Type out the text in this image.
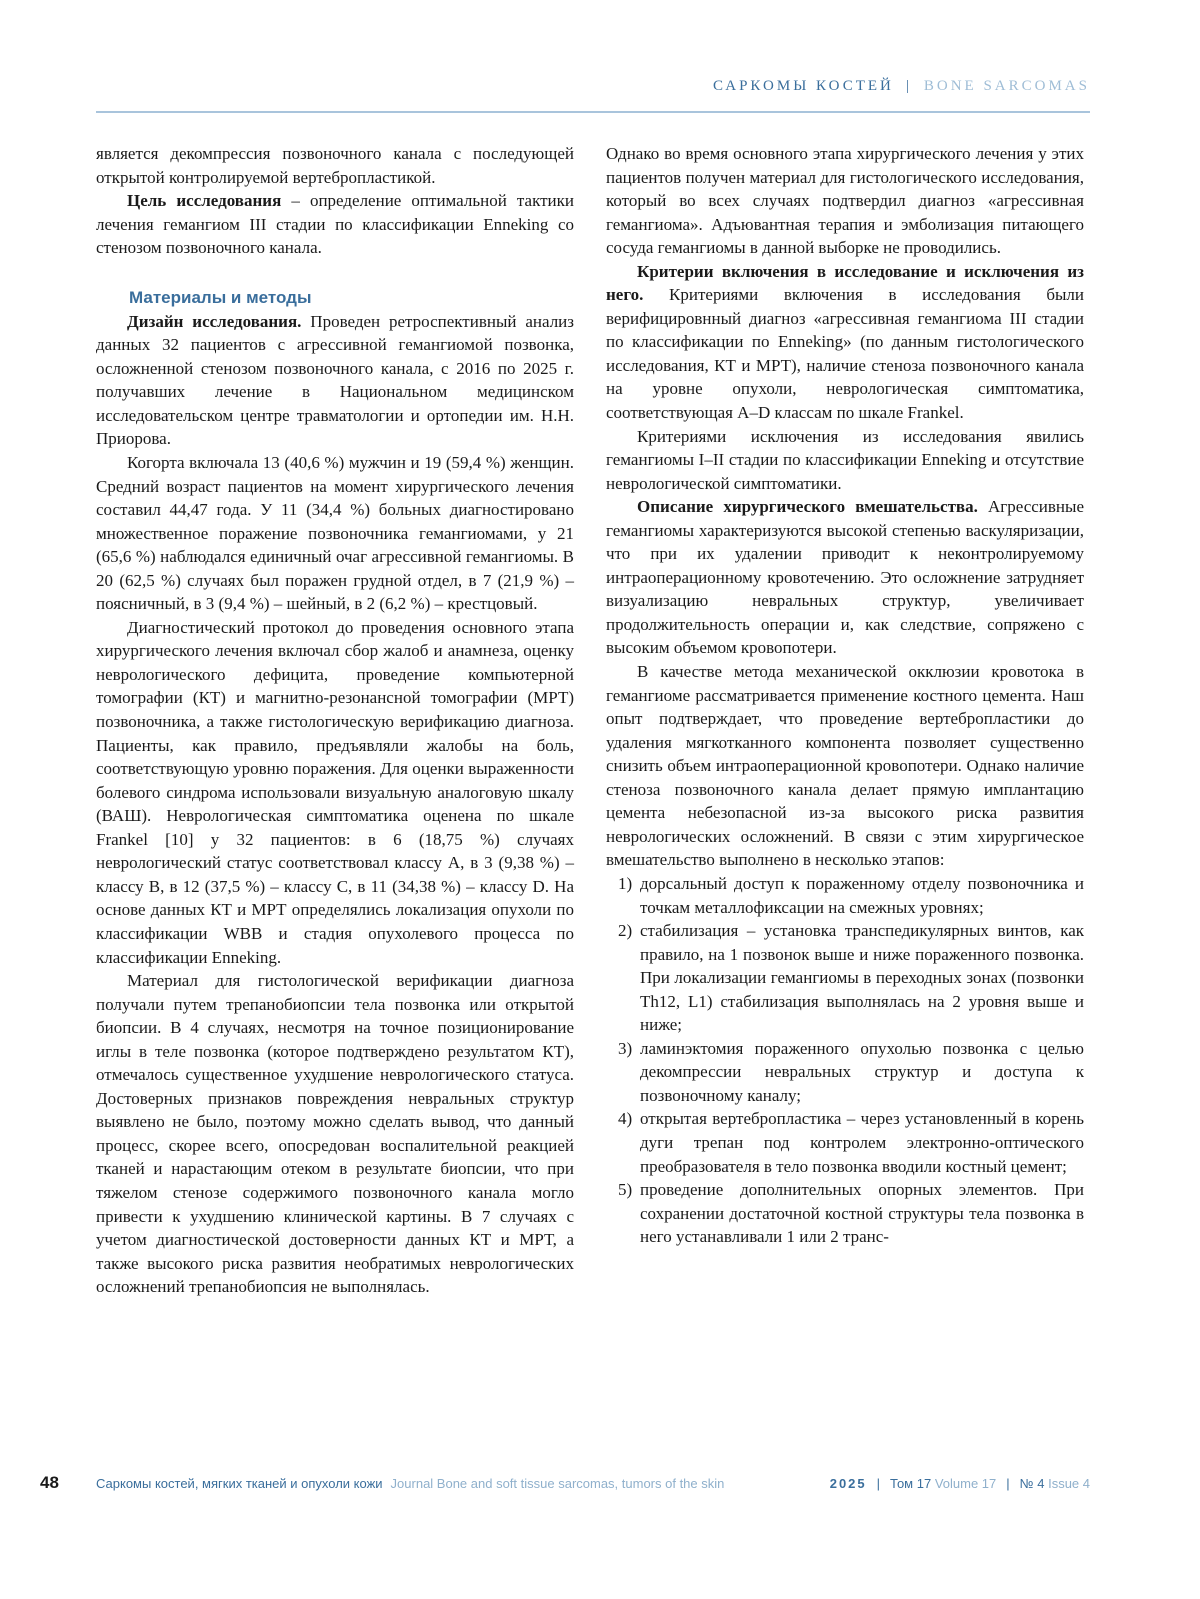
САРКОМЫ КОСТЕЙ | BONE SARCOMAS

является декомпрессия позвоночного канала с последующей открытой контролируемой вертебропластикой.

Цель исследования – определение оптимальной тактики лечения гемангиом III стадии по классификации Enneking со стенозом позвоночного канала.

Материалы и методы

Дизайн исследования. Проведен ретроспективный анализ данных 32 пациентов с агрессивной гемангиомой позвонка, осложненной стенозом позвоночного канала, с 2016 по 2025 г. получавших лечение в Национальном медицинском исследовательском центре травматологии и ортопедии им. Н.Н. Приорова.

Когорта включала 13 (40,6 %) мужчин и 19 (59,4 %) женщин. Средний возраст пациентов на момент хирургического лечения составил 44,47 года. У 11 (34,4 %) больных диагностировано множественное поражение позвоночника гемангиомами, у 21 (65,6 %) наблюдался единичный очаг агрессивной гемангиомы. В 20 (62,5 %) случаях был поражен грудной отдел, в 7 (21,9 %) – поясничный, в 3 (9,4 %) – шейный, в 2 (6,2 %) – крестцовый.

Диагностический протокол до проведения основного этапа хирургического лечения включал сбор жалоб и анамнеза, оценку неврологического дефицита, проведение компьютерной томографии (КТ) и магнитно-резонансной томографии (МРТ) позвоночника, а также гистологическую верификацию диагноза. Пациенты, как правило, предъявляли жалобы на боль, соответствующую уровню поражения. Для оценки выраженности болевого синдрома использовали визуальную аналоговую шкалу (ВАШ). Неврологическая симптоматика оценена по шкале Frankel [10] у 32 пациентов: в 6 (18,75 %) случаях неврологический статус соответствовал классу A, в 3 (9,38 %) – классу B, в 12 (37,5 %) – классу C, в 11 (34,38 %) – классу D. На основе данных КТ и МРТ определялись локализация опухоли по классификации WBB и стадия опухолевого процесса по классификации Enneking.

Материал для гистологической верификации диагноза получали путем трепанобиопсии тела позвонка или открытой биопсии. В 4 случаях, несмотря на точное позиционирование иглы в теле позвонка (которое подтверждено результатом КТ), отмечалось существенное ухудшение неврологического статуса. Достоверных признаков повреждения невральных структур выявлено не было, поэтому можно сделать вывод, что данный процесс, скорее всего, опосредован воспалительной реакцией тканей и нарастающим отеком в результате биопсии, что при тяжелом стенозе содержимого позвоночного канала могло привести к ухудшению клинической картины. В 7 случаях с учетом диагностической достоверности данных КТ и МРТ, а также высокого риска развития необратимых неврологических осложнений трепанобиопсия не выполнялась.

Однако во время основного этапа хирургического лечения у этих пациентов получен материал для гистологического исследования, который во всех случаях подтвердил диагноз «агрессивная гемангиома». Адъювантная терапия и эмболизация питающего сосуда гемангиомы в данной выборке не проводились.

Критерии включения в исследование и исключения из него. Критериями включения в исследования были верифицировнный диагноз «агрессивная гемангиома III стадии по классификации по Enneking» (по данным гистологического исследования, КТ и МРТ), наличие стеноза позвоночного канала на уровне опухоли, неврологическая симптоматика, соответствующая A–D классам по шкале Frankel.

Критериями исключения из исследования явились гемангиомы I–II стадии по классификации Enneking и отсутствие неврологической симптоматики.

Описание хирургического вмешательства. Агрессивные гемангиомы характеризуются высокой степенью васкуляризации, что при их удалении приводит к неконтролируемому интраоперационному кровотечению. Это осложнение затрудняет визуализацию невральных структур, увеличивает продолжительность операции и, как следствие, сопряжено с высоким объемом кровопотери.

В качестве метода механической окклюзии кровотока в гемангиоме рассматривается применение костного цемента. Наш опыт подтверждает, что проведение вертебропластики до удаления мягкотканного компонента позволяет существенно снизить объем интраоперационной кровопотери. Однако наличие стеноза позвоночного канала делает прямую имплантацию цемента небезопасной из-за высокого риска развития неврологических осложнений. В связи с этим хирургическое вмешательство выполнено в несколько этапов:

1) дорсальный доступ к пораженному отделу позвоночника и точкам металлофиксации на смежных уровнях;
2) стабилизация – установка транспедикулярных винтов, как правило, на 1 позвонок выше и ниже пораженного позвонка. При локализации гемангиомы в переходных зонах (позвонки Th12, L1) стабилизация выполнялась на 2 уровня выше и ниже;
3) ламинэктомия пораженного опухолью позвонка с целью декомпрессии невральных структур и доступа к позвоночному каналу;
4) открытая вертебропластика – через установленный в корень дуги трепан под контролем электронно-оптического преобразователя в тело позвонка вводили костный цемент;
5) проведение дополнительных опорных элементов. При сохранении достаточной костной структуры тела позвонка в него устанавливали 1 или 2 транс-
48	Саркомы костей, мягких тканей и опухоли кожи Journal Bone and soft tissue sarcomas, tumors of the skin	2025 | Том 17 Volume 17 | № 4 Issue 4
